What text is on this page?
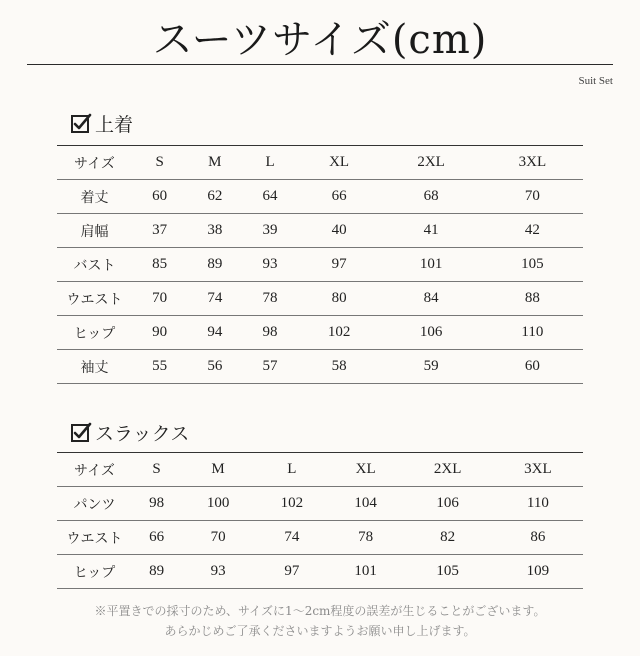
スーツサイズ(cm)
Suit Set
上着
サイズ	S	M	L	XL	2XL	3XL
着丈	60	62	64	66	68	70
肩幅	37	38	39	40	41	42
バスト	85	89	93	97	101	105
ウエスト	70	74	78	80	84	88
ヒップ	90	94	98	102	106	110
袖丈	55	56	57	58	59	60
スラックス
サイズ	S	M	L	XL	2XL	3XL
パンツ	98	100	102	104	106	110
ウエスト	66	70	74	78	82	86
ヒップ	89	93	97	101	105	109
※平置きでの採寸のため、サイズに1〜2cm程度の誤差が生じることがございます。
あらかじめご了承くださいますようお願い申し上げます。
